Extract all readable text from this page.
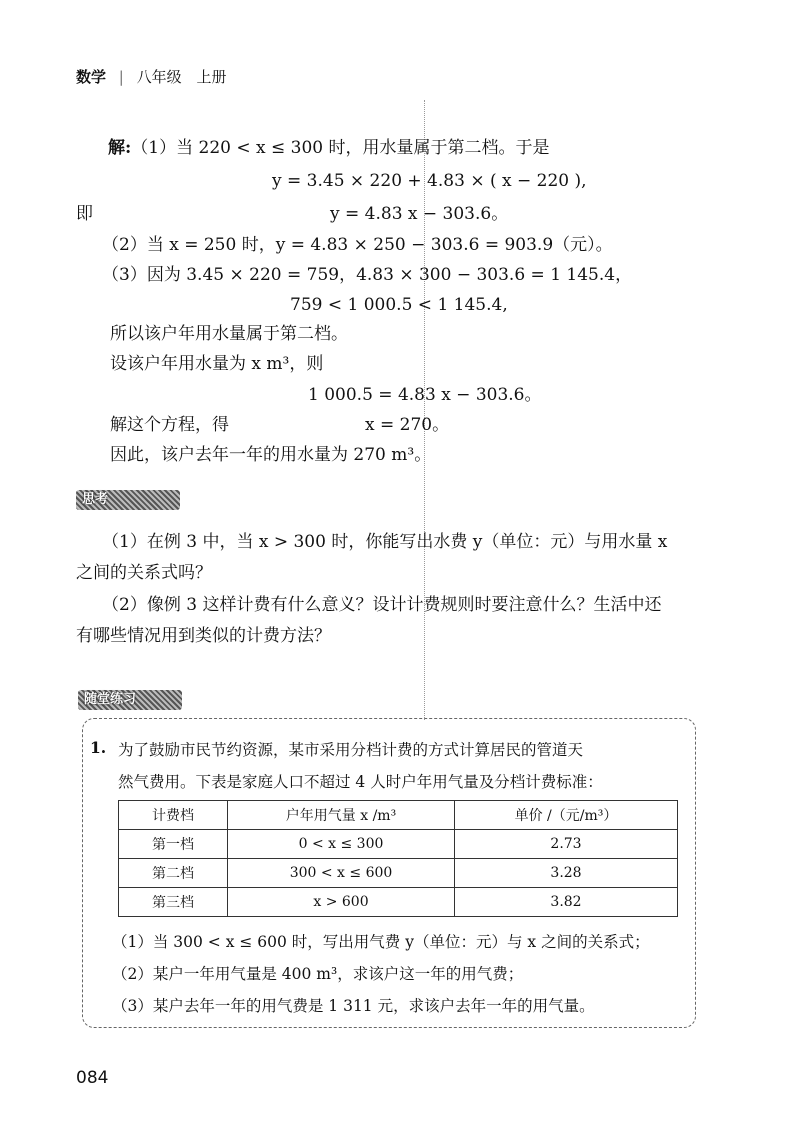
数学 | 八年级 上册
解:（1）当 220 < x ≤ 300 时，用水量属于第二档。于是
y = 3.45 × 220 + 4.83 × ( x − 220 ),
即	y = 4.83 x − 303.6。
（2）当 x = 250 时，y = 4.83 × 250 − 303.6 = 903.9（元）。
（3）因为 3.45 × 220 = 759，4.83 × 300 − 303.6 = 1 145.4，
759 < 1 000.5 < 1 145.4,
所以该户年用水量属于第二档。
设该户年用水量为 x m³，则
1 000.5 = 4.83 x − 303.6。
解这个方程，得	x = 270。
因此，该户去年一年的用水量为 270 m³。
思考
（1）在例 3 中，当 x > 300 时，你能写出水费 y（单位：元）与用水量 x
之间的关系式吗？
（2）像例 3 这样计费有什么意义？设计计费规则时要注意什么？生活中还
有哪些情况用到类似的计费方法？
随堂练习
1. 为了鼓励市民节约资源，某市采用分档计费的方式计算居民的管道天
然气费用。下表是家庭人口不超过 4 人时户年用气量及分档计费标准：
计费档	户年用气量 x /m³	单价 /（元/m³）
第一档	0 < x ≤ 300	2.73
第二档	300 < x ≤ 600	3.28
第三档	x > 600	3.82
（1）当 300 < x ≤ 600 时，写出用气费 y（单位：元）与 x 之间的关系式；
（2）某户一年用气量是 400 m³，求该户这一年的用气费；
（3）某户去年一年的用气费是 1 311 元，求该户去年一年的用气量。
084
